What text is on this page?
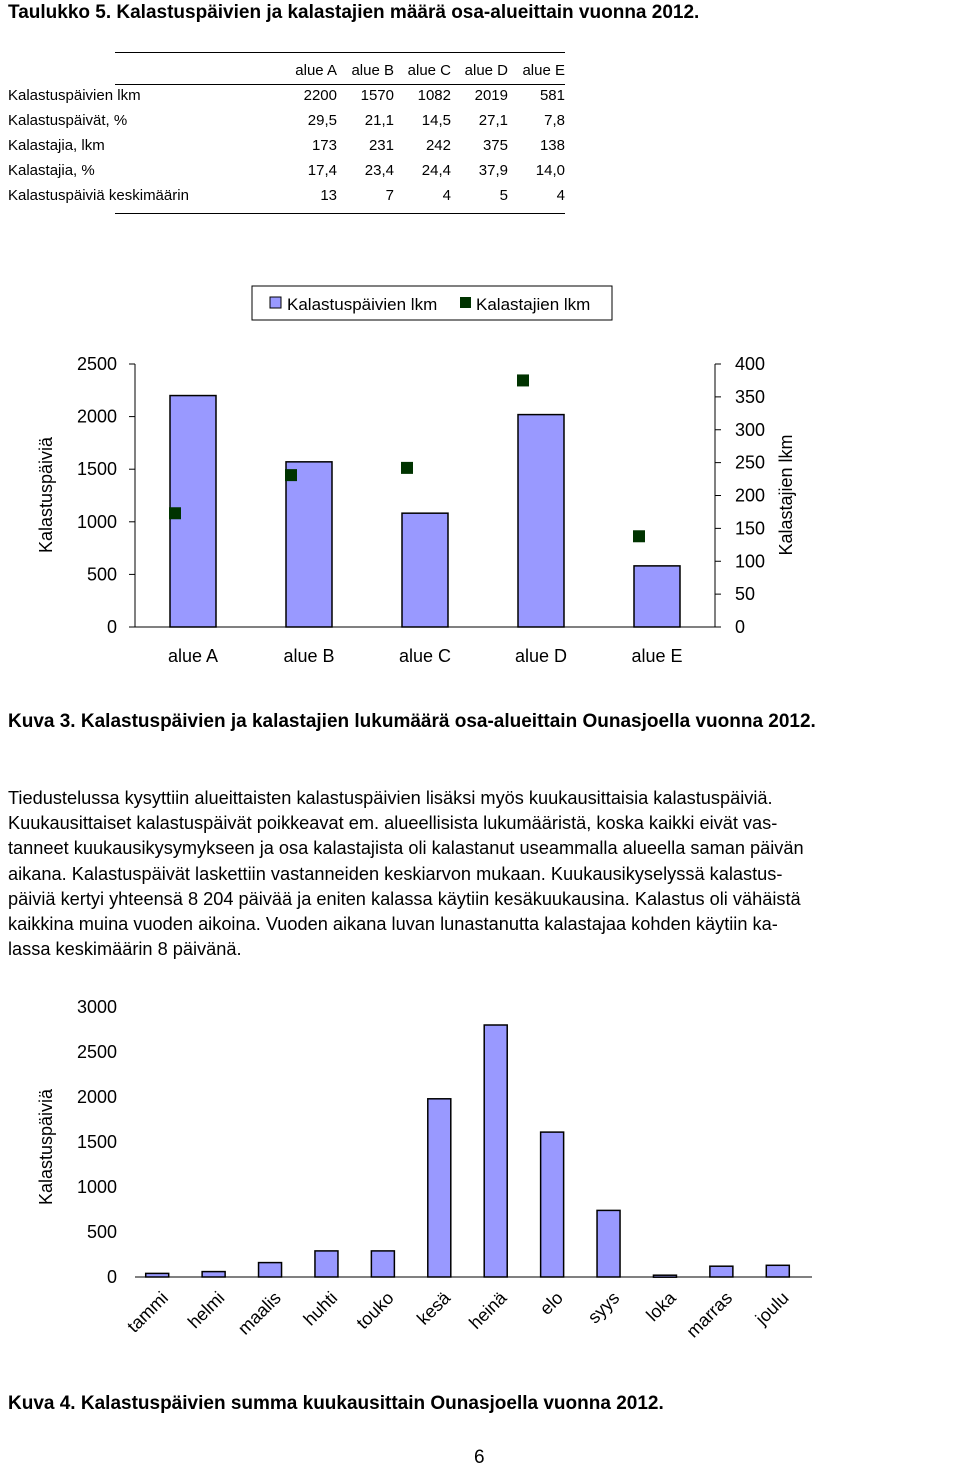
Taulukko 5. Kalastuspäivien ja kalastajien määrä osa-alueittain vuonna 2012.
	alue A	alue B	alue C	alue D	alue E
Kalastuspäivien lkm	2200	1570	1082	2019	581
Kalastuspäivät, %	29,5	21,1	14,5	27,1	7,8
Kalastajia, lkm	173	231	242	375	138
Kalastajia, %	17,4	23,4	24,4	37,9	14,0
Kalastuspäiviä keskimäärin	13	7	4	5	4
Kalastuspäivien lkm Kalastajien lkm
Kalastuspäiviä	Kalastajien lkm
0
500
1000
1500
2000
2500
0
50
100
150
200
250
300
350
400
alue A	alue B	alue C	alue D	alue E
Kuva 3. Kalastuspäivien ja kalastajien lukumäärä osa-alueittain Ounasjoella vuonna 2012.

Tiedustelussa kysyttiin alueittaisten kalastuspäivien lisäksi myös kuukausittaisia kalastuspäiviä.

Kuukausittaiset kalastuspäivät poikkeavat em. alueellisista lukumääristä, koska kaikki eivät vas-

tanneet kuukausikysymykseen ja osa kalastajista oli kalastanut useammalla alueella saman päivän

aikana. Kalastuspäivät laskettiin vastanneiden keskiarvon mukaan. Kuukausikyselyssä kalastus-

päiviä kertyi yhteensä 8 204 päivää ja eniten kalassa käytiin kesäkuukausina. Kalastus oli vähäistä

kaikkina muina vuoden aikoina. Vuoden aikana luvan lunastanutta kalastajaa kohden käytiin ka-

lassa keskimäärin 8 päivänä.

Kalastuspäiviä
0
500
1000
1500
2000
2500
3000
tammi helmi maalis huhti touko kesä heinä elo syys loka marras joulu
Kuva 4. Kalastuspäivien summa kuukausittain Ounasjoella vuonna 2012.
6
